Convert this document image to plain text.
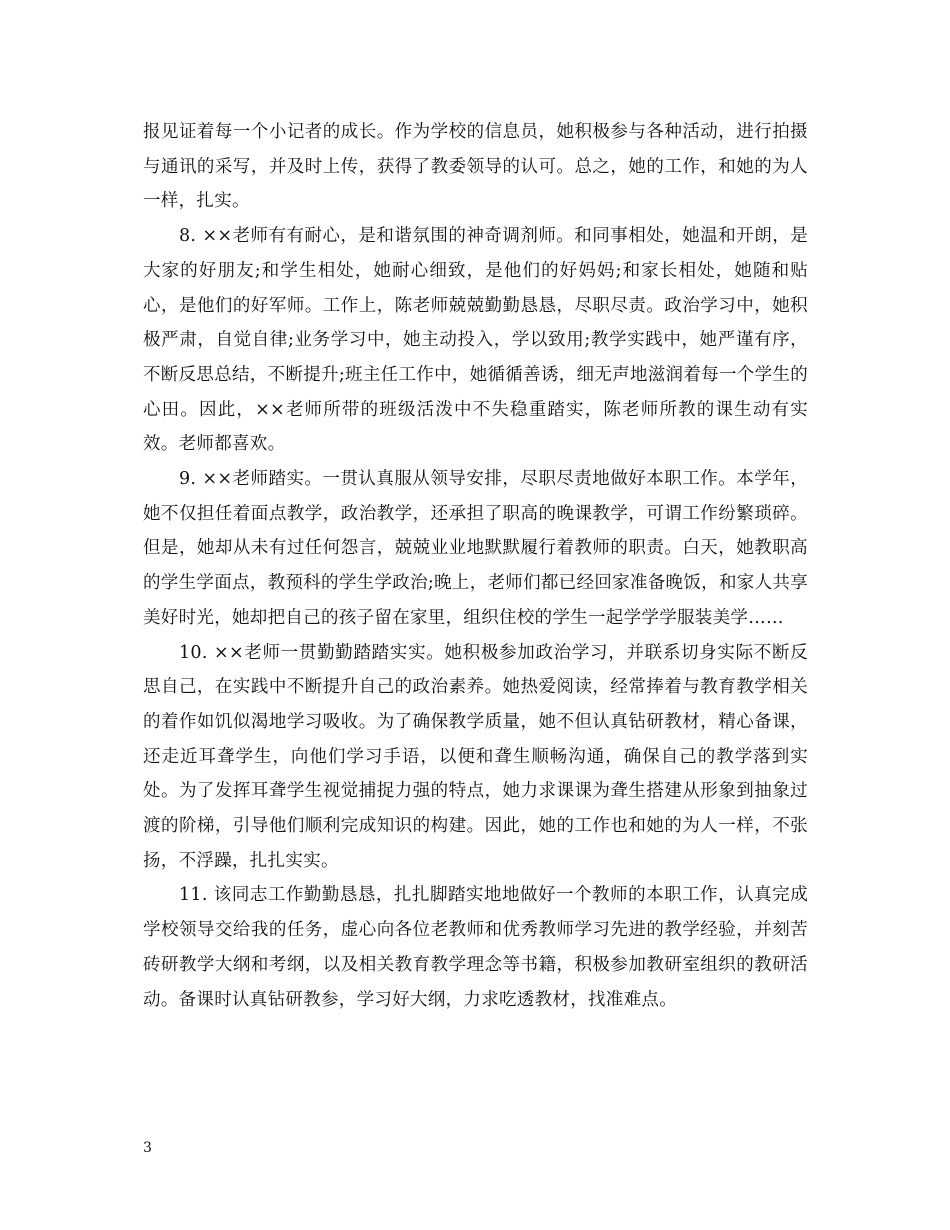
报见证着每一个小记者的成长。作为学校的信息员，她积极参与各种活动，进行拍摄与通讯的采写，并及时上传，获得了教委领导的认可。总之，她的工作，和她的为人一样，扎实。

8. ××老师有有耐心，是和谐氛围的神奇调剂师。和同事相处，她温和开朗，是大家的好朋友;和学生相处，她耐心细致，是他们的好妈妈;和家长相处，她随和贴心，是他们的好军师。工作上，陈老师兢兢勤勤恳恳，尽职尽责。政治学习中，她积极严肃，自觉自律;业务学习中，她主动投入，学以致用;教学实践中，她严谨有序，不断反思总结，不断提升;班主任工作中，她循循善诱，细无声地滋润着每一个学生的心田。因此，××老师所带的班级活泼中不失稳重踏实，陈老师所教的课生动有实效。老师都喜欢。

9. ××老师踏实。一贯认真服从领导安排，尽职尽责地做好本职工作。本学年，她不仅担任着面点教学，政治教学，还承担了职高的晚课教学，可谓工作纷繁琐碎。但是，她却从未有过任何怨言，兢兢业业地默默履行着教师的职责。白天，她教职高的学生学面点，教预科的学生学政治;晚上，老师们都已经回家准备晚饭，和家人共享美好时光，她却把自己的孩子留在家里，组织住校的学生一起学学学服装美学……

10. ××老师一贯勤勤踏踏实实。她积极参加政治学习，并联系切身实际不断反思自己，在实践中不断提升自己的政治素养。她热爱阅读，经常捧着与教育教学相关的着作如饥似渴地学习吸收。为了确保教学质量，她不但认真钻研教材，精心备课，还走近耳聋学生，向他们学习手语，以便和聋生顺畅沟通，确保自己的教学落到实处。为了发挥耳聋学生视觉捕捉力强的特点，她力求课课为聋生搭建从形象到抽象过渡的阶梯，引导他们顺利完成知识的构建。因此，她的工作也和她的为人一样，不张扬，不浮躁，扎扎实实。

11. 该同志工作勤勤恳恳，扎扎脚踏实地地做好一个教师的本职工作，认真完成学校领导交给我的任务，虚心向各位老教师和优秀教师学习先进的教学经验，并刻苦砖研教学大纲和考纲，以及相关教育教学理念等书籍，积极参加教研室组织的教研活动。备课时认真钻研教参，学习好大纲，力求吃透教材，找准难点。

3
